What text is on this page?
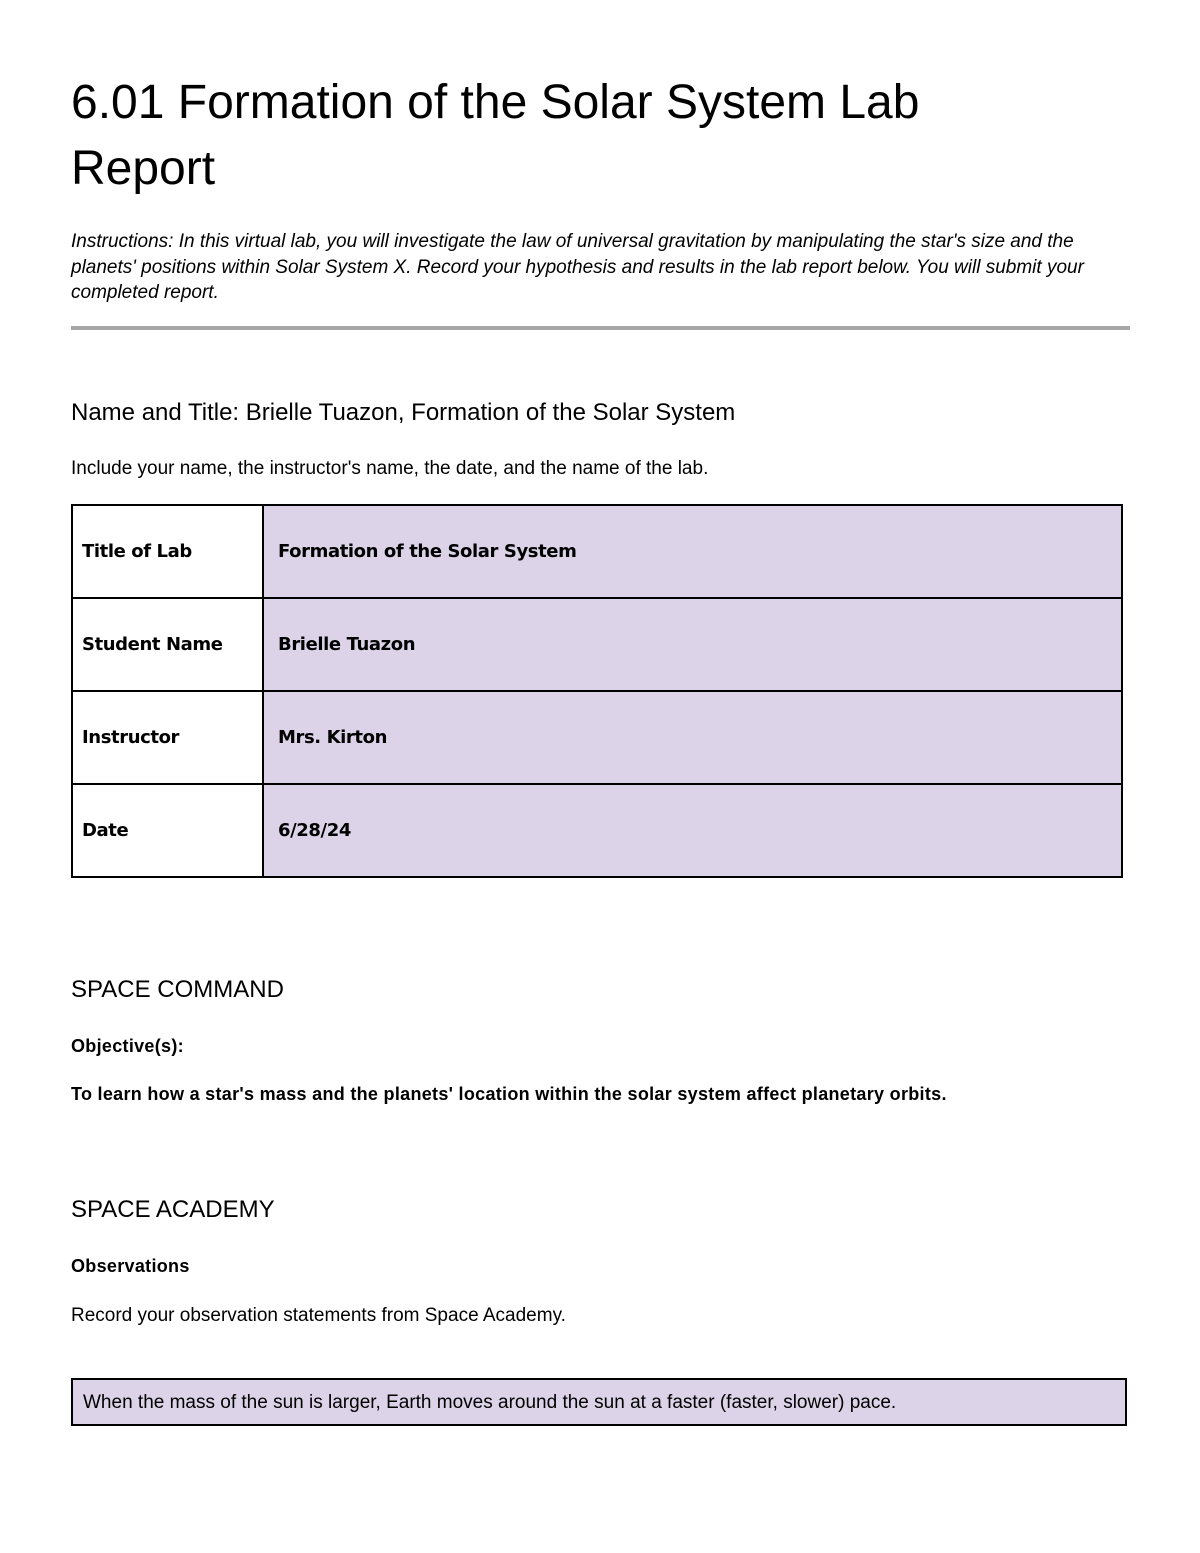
6.01 Formation of the Solar System Lab Report

Instructions: In this virtual lab, you will investigate the law of universal gravitation by manipulating the star's size and the planets' positions within Solar System X. Record your hypothesis and results in the lab report below. You will submit your completed report.

Name and Title: Brielle Tuazon, Formation of the Solar System

Include your name, the instructor's name, the date, and the name of the lab.

Title of Lab	Formation of the Solar System
Student Name	Brielle Tuazon
Instructor	Mrs. Kirton
Date	6/28/24
SPACE COMMAND

Objective(s):

To learn how a star's mass and the planets' location within the solar system affect planetary orbits.

SPACE ACADEMY

Observations

Record your observation statements from Space Academy.

When the mass of the sun is larger, Earth moves around the sun at a faster (faster, slower) pace.
